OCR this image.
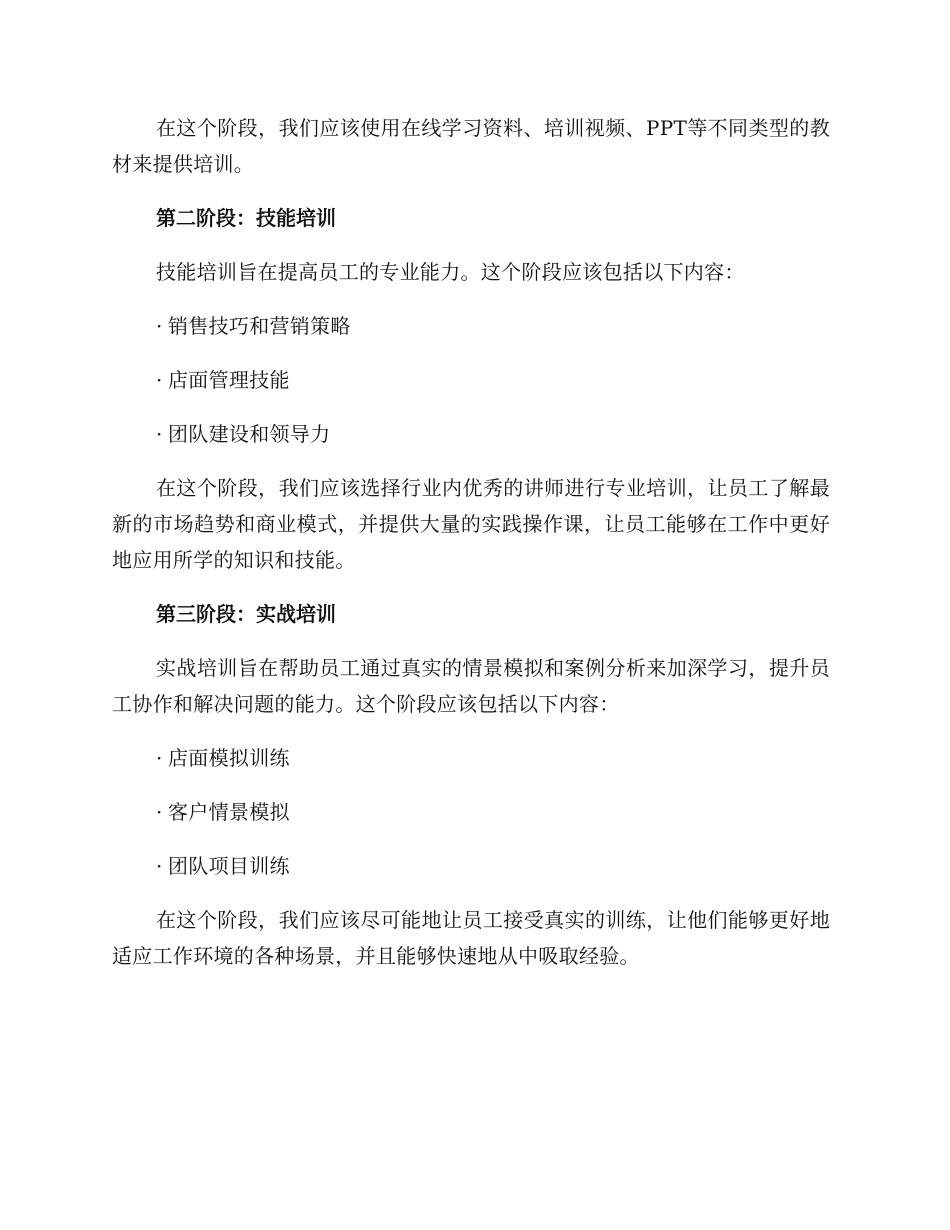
在这个阶段，我们应该使用在线学习资料、培训视频、PPT等不同类型的教材来提供培训。

第二阶段：技能培训

技能培训旨在提高员工的专业能力。这个阶段应该包括以下内容：

· 销售技巧和营销策略
· 店面管理技能
· 团队建设和领导力

在这个阶段，我们应该选择行业内优秀的讲师进行专业培训，让员工了解最新的市场趋势和商业模式，并提供大量的实践操作课，让员工能够在工作中更好地应用所学的知识和技能。

第三阶段：实战培训

实战培训旨在帮助员工通过真实的情景模拟和案例分析来加深学习，提升员工协作和解决问题的能力。这个阶段应该包括以下内容：

· 店面模拟训练
· 客户情景模拟
· 团队项目训练

在这个阶段，我们应该尽可能地让员工接受真实的训练，让他们能够更好地适应工作环境的各种场景，并且能够快速地从中吸取经验。
